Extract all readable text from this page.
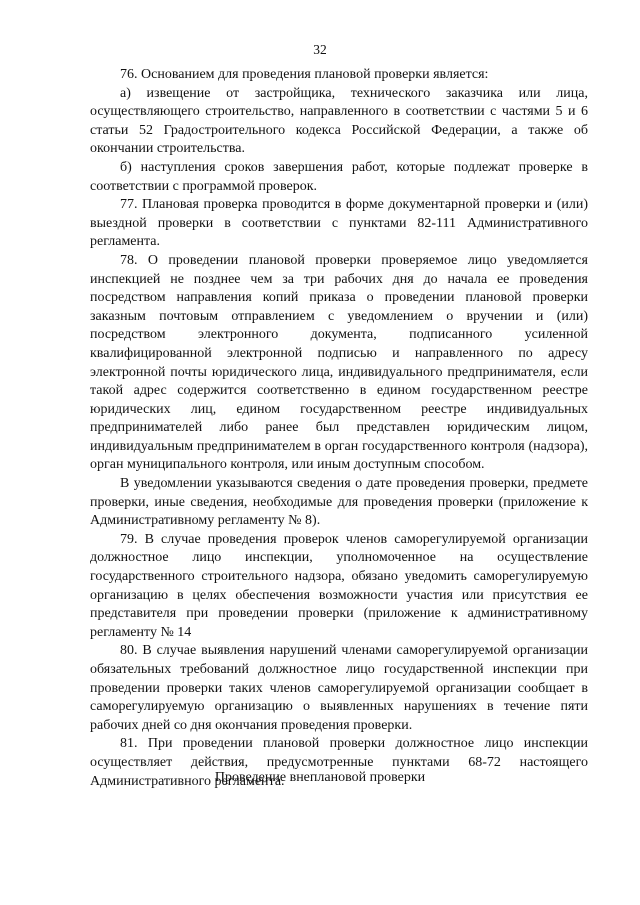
32

76. Основанием для проведения плановой проверки является:

а) извещение от застройщика, технического заказчика или лица, осуществляющего строительство, направленного в соответствии с частями 5 и 6 статьи 52 Градостроительного кодекса Российской Федерации, а также об окончании строительства.

б) наступления сроков завершения работ, которые подлежат проверке в соответствии с программой проверок.

77. Плановая проверка проводится в форме документарной проверки и (или) выездной проверки в соответствии с пунктами 82-111 Административного регламента.

78. О проведении плановой проверки проверяемое лицо уведомляется инспекцией не позднее чем за три рабочих дня до начала ее проведения посредством направления копий приказа о проведении плановой проверки заказным почтовым отправлением с уведомлением о вручении и (или) посредством электронного документа, подписанного усиленной квалифицированной электронной подписью и направленного по адресу электронной почты юридического лица, индивидуального предпринимателя, если такой адрес содержится соответственно в едином государственном реестре юридических лиц, едином государственном реестре индивидуальных предпринимателей либо ранее был представлен юридическим лицом, индивидуальным предпринимателем в орган государственного контроля (надзора), орган муниципального контроля, или иным доступным способом.

В уведомлении указываются сведения о дате проведения проверки, предмете проверки, иные сведения, необходимые для проведения проверки (приложение к Административному регламенту № 8).

79. В случае проведения проверок членов саморегулируемой организации должностное лицо инспекции, уполномоченное на осуществление государственного строительного надзора, обязано уведомить саморегулируемую организацию в целях обеспечения возможности участия или присутствия ее представителя при проведении проверки (приложение к административному регламенту № 14

80. В случае выявления нарушений членами саморегулируемой организации обязательных требований должностное лицо государственной инспекции при проведении проверки таких членов саморегулируемой организации сообщает в саморегулируемую организацию о выявленных нарушениях в течение пяти рабочих дней со дня окончания проведения проверки.

81. При проведении плановой проверки должностное лицо инспекции осуществляет действия, предусмотренные пунктами 68-72 настоящего Административного регламента.

Проведение внеплановой проверки
